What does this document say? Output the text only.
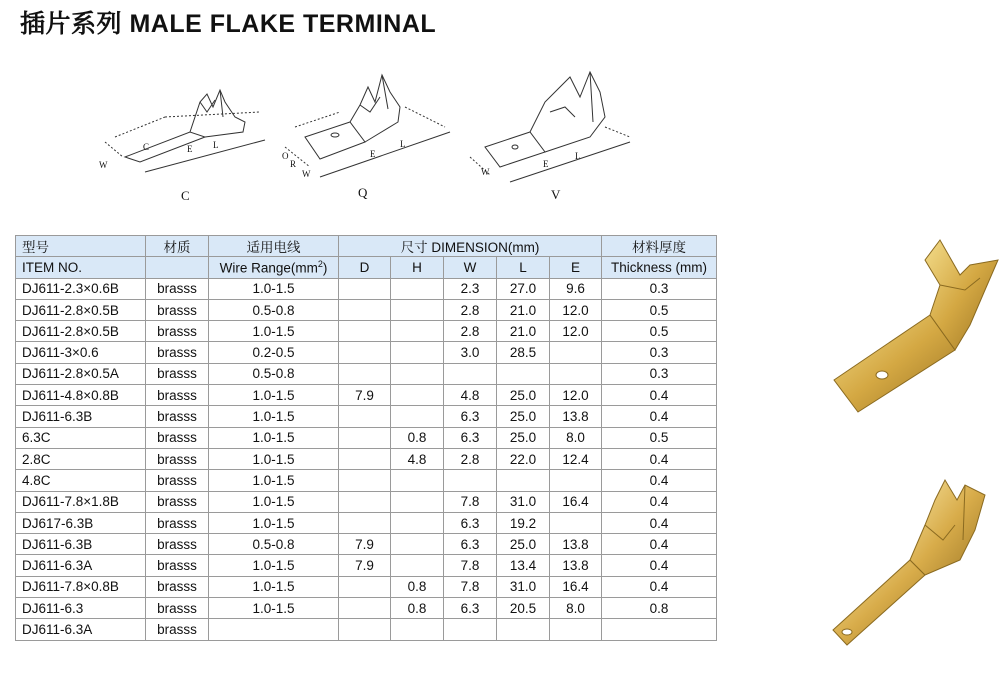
插片系列 MALE FLAKE TERMINAL
W
C	E L
C
O
R
W
E
L
Q
W
E
L
V
型号	材质	适用电线	尺寸 DIMENSION(mm)					材料厚度
ITEM NO.		Wire $Range(mm^2)$	D	H	W	L	E	Thickness (mm)
DJ611-2.3×0.6B	brasss	1.0-1.5			2.3	27.0	9.6	0.3
DJ611-2.8×0.5B	brasss	0.5-0.8			2.8	21.0	12.0	0.5
DJ611-2.8×0.5B	brasss	1.0-1.5			2.8	21.0	12.0	0.5
DJ611-3×0.6	brasss	0.2-0.5			3.0	28.5		0.3
DJ611-2.8×0.5A	brasss	0.5-0.8						0.3
DJ611-4.8×0.8B	brasss	1.0-1.5	7.9		4.8	25.0	12.0	0.4
DJ611-6.3B	brasss	1.0-1.5			6.3	25.0	13.8	0.4
6.3C	brasss	1.0-1.5		0.8	6.3	25.0	8.0	0.5
2.8C	brasss	1.0-1.5		4.8	2.8	22.0	12.4	0.4
4.8C	brasss	1.0-1.5						0.4
DJ611-7.8×1.8B	brasss	1.0-1.5			7.8	31.0	16.4	0.4
DJ617-6.3B	brasss	1.0-1.5			6.3	19.2		0.4
DJ611-6.3B	brasss	0.5-0.8	7.9		6.3	25.0	13.8	0.4
DJ611-6.3A	brasss	1.0-1.5	7.9		7.8	13.4	13.8	0.4
DJ611-7.8×0.8B	brasss	1.0-1.5		0.8	7.8	31.0	16.4	0.4
DJ611-6.3	brasss	1.0-1.5		0.8	6.3	20.5	8.0	0.8
DJ611-6.3A	brasss							
